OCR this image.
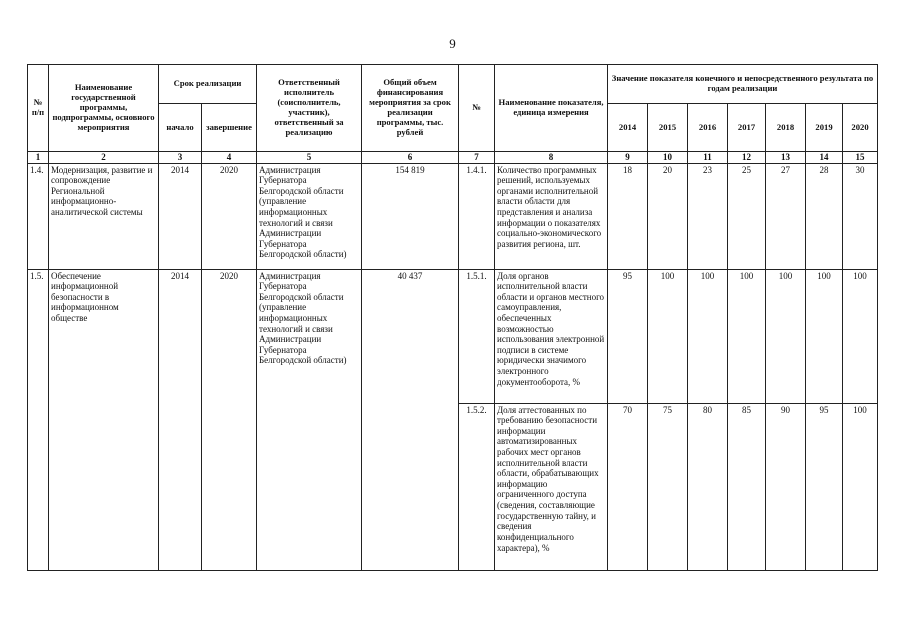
9
№ п/п	Наименование государственной программы, подпрограммы, основного мероприятия	Срок реализации		Ответственный исполнитель (соисполнитель, участник), ответственный за реализацию	Общий объем финансирования мероприятия за срок реализации программы, тыс. рублей	№	Наименование показателя, единица измерения	Значение показателя конечного и непосредственного результата по годам реализации						
		начало	завершение					2014	2015	2016	2017	2018	2019	2020
1	2	3	4	5	6	7	8	9	10	11	12	13	14	15
1.4.	Модернизация, развитие и сопровождение Региональной информационно-аналитической системы	2014	2020	Администрация Губернатора Белгородской области (управление информационных технологий и связи Администрации Губернатора Белгородской области)	154 819	1.4.1.	Количество программных решений, используемых органами исполнительной власти области для представления и анализа информации о показателях социально-экономического развития региона, шт.	18	20	23	25	27	28	30
1.5.	Обеспечение информационной безопасности в информационном обществе	2014	2020	Администрация Губернатора Белгородской области (управление информационных технологий и связи Администрации Губернатора Белгородской области)	40 437	1.5.1.	Доля органов исполнительной власти области и органов местного самоуправления, обеспеченных возможностью использования электронной подписи в системе юридически значимого электронного документооборота, %	95	100	100	100	100	100	100
						1.5.2.	Доля аттестованных по требованию безопасности информации автоматизированных рабочих мест органов исполнительной власти области, обрабатывающих информацию ограниченного доступа (сведения, составляющие государственную тайну, и сведения конфиденциального характера), %	70	75	80	85	90	95	100
